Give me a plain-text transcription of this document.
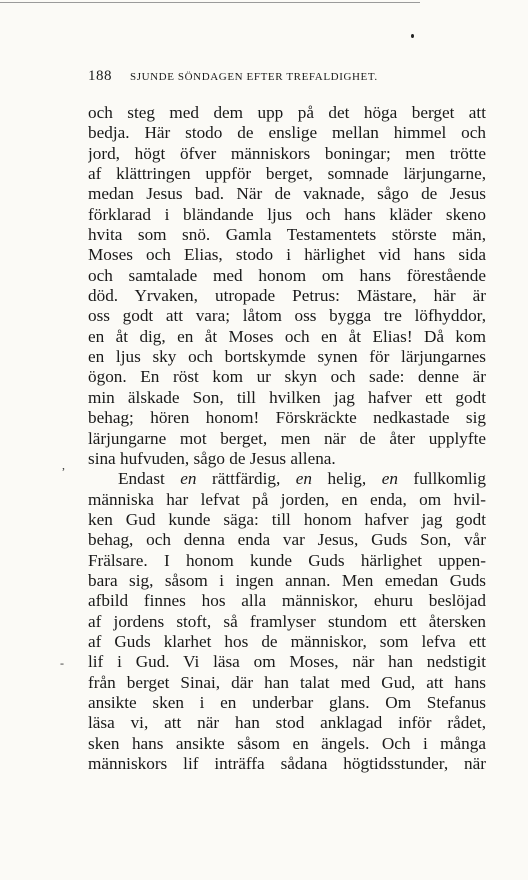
188 SJUNDE SÖNDAGEN EFTER TREFALDIGHET.
,
-
och steg med dem upp på det höga berget att
bedja. Här stodo de enslige mellan himmel och
jord, högt öfver människors boningar; men trötte
af klättringen uppför berget, somnade lärjungarne,
medan Jesus bad. När de vaknade, sågo de Jesus
förklarad i bländande ljus och hans kläder skeno
hvita som snö. Gamla Testamentets störste män,
Moses och Elias, stodo i härlighet vid hans sida
och samtalade med honom om hans förestående
död. Yrvaken, utropade Petrus: Mästare, här är
oss godt att vara; låtom oss bygga tre löfhyddor,
en åt dig, en åt Moses och en åt Elias! Då kom
en ljus sky och bortskymde synen för lärjungarnes
ögon. En röst kom ur skyn och sade: denne är
min älskade Son, till hvilken jag hafver ett godt
behag; hören honom! Förskräckte nedkastade sig
lärjungarne mot berget, men när de åter upplyfte
sina hufvuden, sågo de Jesus allena.
Endast en rättfärdig, en helig, en fullkomlig
människa har lefvat på jorden, en enda, om hvil-
ken Gud kunde säga: till honom hafver jag godt
behag, och denna enda var Jesus, Guds Son, vår
Frälsare. I honom kunde Guds härlighet uppen-
bara sig, såsom i ingen annan. Men emedan Guds
afbild finnes hos alla människor, ehuru beslöjad
af jordens stoft, så framlyser stundom ett återsken
af Guds klarhet hos de människor, som lefva ett
lif i Gud. Vi läsa om Moses, när han nedstigit
från berget Sinai, där han talat med Gud, att hans
ansikte sken i en underbar glans. Om Stefanus
läsa vi, att när han stod anklagad inför rådet,
sken hans ansikte såsom en ängels. Och i många
människors lif inträffa sådana högtidsstunder, när
